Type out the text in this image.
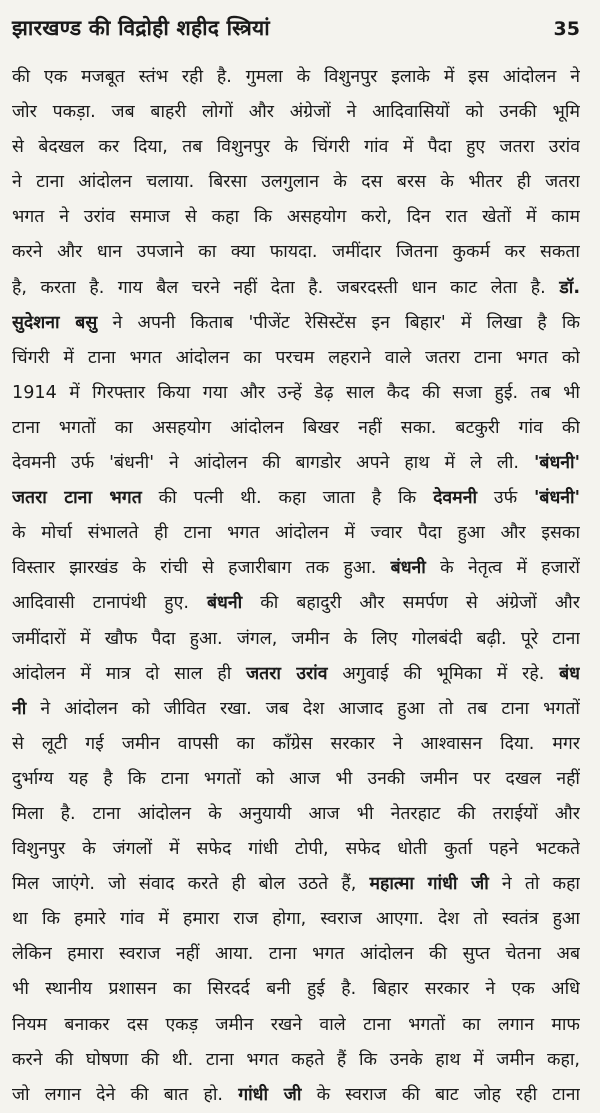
झारखण्ड की विद्रोही शहीद स्त्रियां	35
की एक मजबूत स्तंभ रही है. गुमला के विशुनपुर इलाके में इस आंदोलन ने
जोर पकड़ा. जब बाहरी लोगों और अंग्रेजों ने आदिवासियों को उनकी भूमि
से बेदखल कर दिया, तब विशुनपुर के चिंगरी गांव में पैदा हुए जतरा उरांव
ने टाना आंदोलन चलाया. बिरसा उलगुलान के दस बरस के भीतर ही जतरा
भगत ने उरांव समाज से कहा कि असहयोग करो, दिन रात खेतों में काम
करने और धान उपजाने का क्या फायदा. जमींदार जितना कुकर्म कर सकता
है, करता है. गाय बैल चरने नहीं देता है. जबरदस्ती धान काट लेता है. डॉ.
सुदेशना बसु ने अपनी किताब 'पीजेंट रेसिस्टेंस इन बिहार' में लिखा है कि
चिंगरी में टाना भगत आंदोलन का परचम लहराने वाले जतरा टाना भगत को
1914 में गिरफ्तार किया गया और उन्हें डेढ़ साल कैद की सजा हुई. तब भी
टाना भगतों का असहयोग आंदोलन बिखर नहीं सका. बटकुरी गांव की
देवमनी उर्फ 'बंधनी' ने आंदोलन की बागडोर अपने हाथ में ले ली. 'बंधनी'
जतरा टाना भगत की पत्नी थी. कहा जाता है कि देवमनी उर्फ 'बंधनी'
के मोर्चा संभालते ही टाना भगत आंदोलन में ज्वार पैदा हुआ और इसका
विस्तार झारखंड के रांची से हजारीबाग तक हुआ. बंधनी के नेतृत्व में हजारों
आदिवासी टानापंथी हुए. बंधनी की बहादुरी और समर्पण से अंग्रेजों और
जमींदारों में खौफ पैदा हुआ. जंगल, जमीन के लिए गोलबंदी बढ़ी. पूरे टाना
आंदोलन में मात्र दो साल ही जतरा उरांव अगुवाई की भूमिका में रहे. बंध
नी ने आंदोलन को जीवित रखा. जब देश आजाद हुआ तो तब टाना भगतों
से लूटी गई जमीन वापसी का कॉंग्रेस सरकार ने आश्वासन दिया. मगर
दुर्भाग्य यह है कि टाना भगतों को आज भी उनकी जमीन पर दखल नहीं
मिला है. टाना आंदोलन के अनुयायी आज भी नेतरहाट की तराईयों और
विशुनपुर के जंगलों में सफेद गांधी टोपी, सफेद धोती कुर्ता पहने भटकते
मिल जाएंगे. जो संवाद करते ही बोल उठते हैं, महात्मा गांधी जी ने तो कहा
था कि हमारे गांव में हमारा राज होगा, स्वराज आएगा. देश तो स्वतंत्र हुआ
लेकिन हमारा स्वराज नहीं आया. टाना भगत आंदोलन की सुप्त चेतना अब
भी स्थानीय प्रशासन का सिरदर्द बनी हुई है. बिहार सरकार ने एक अधि
नियम बनाकर दस एकड़ जमीन रखने वाले टाना भगतों का लगान माफ
करने की घोषणा की थी. टाना भगत कहते हैं कि उनके हाथ में जमीन कहा,
जो लगान देने की बात हो. गांधी जी के स्वराज की बाट जोह रही टाना
